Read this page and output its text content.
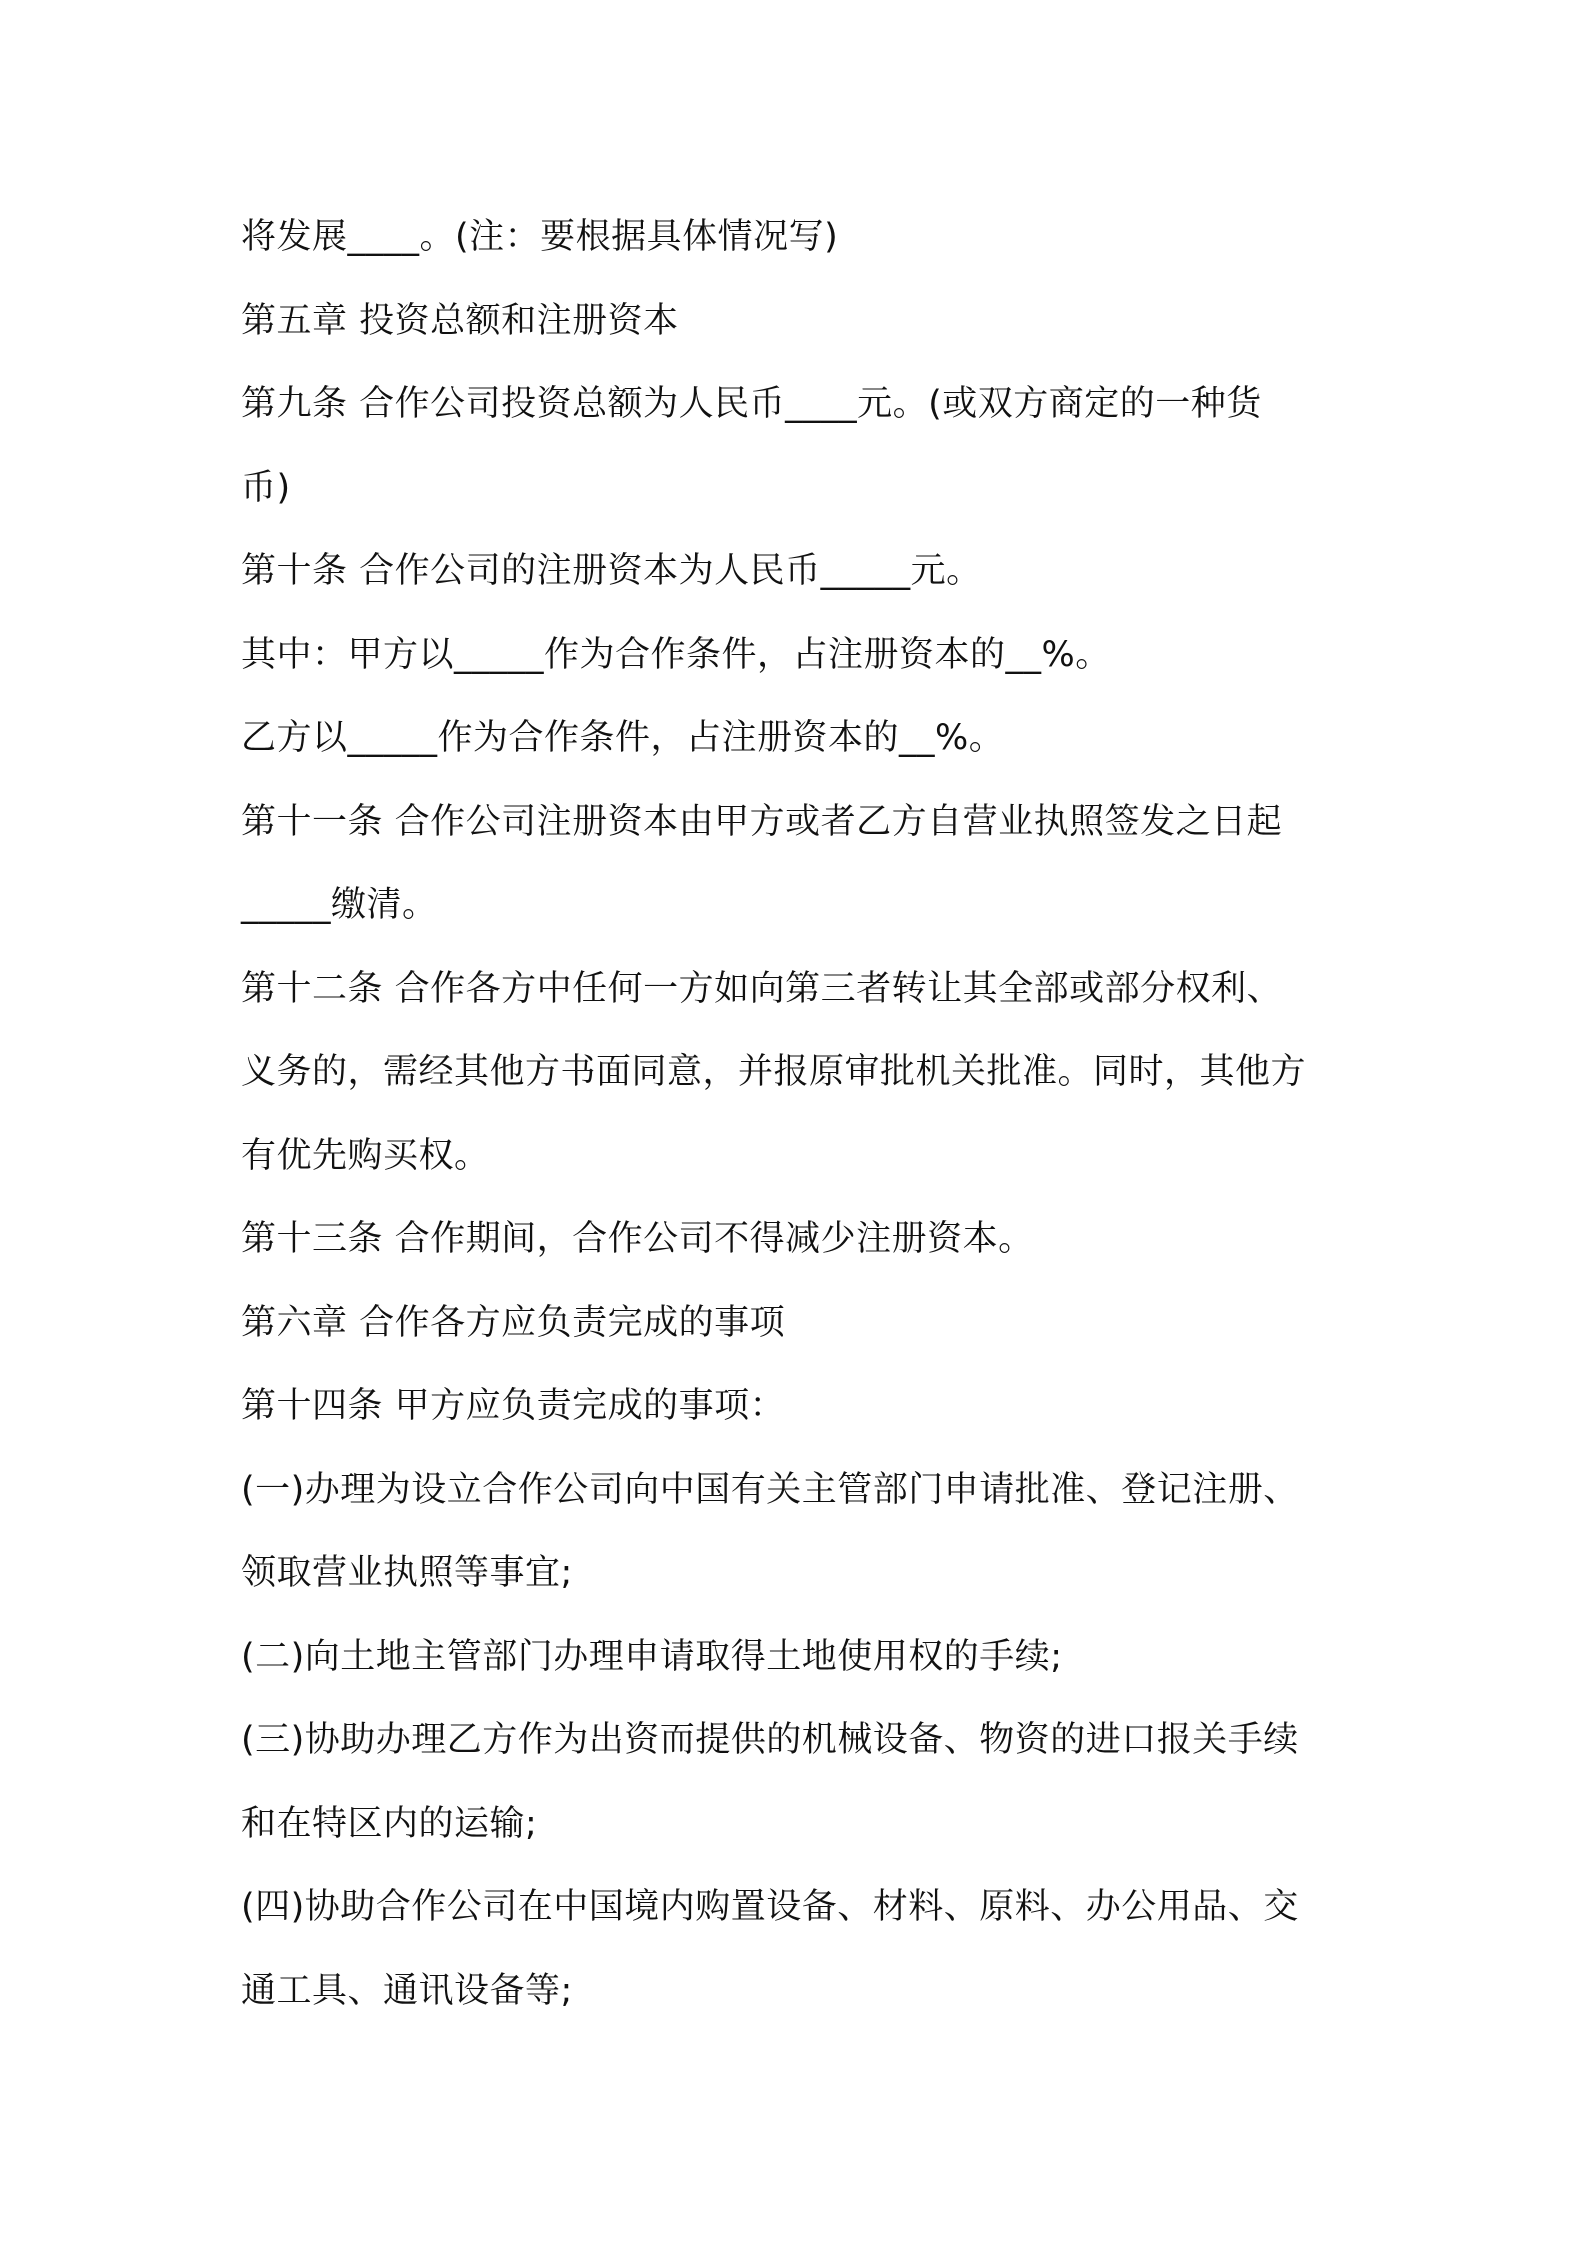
将发展____。(注：要根据具体情况写)
第五章 投资总额和注册资本
第九条 合作公司投资总额为人民币____元。(或双方商定的一种货
币)
第十条 合作公司的注册资本为人民币_____元。
其中：甲方以_____作为合作条件，占注册资本的__%。
乙方以_____作为合作条件，占注册资本的__%。
第十一条 合作公司注册资本由甲方或者乙方自营业执照签发之日起
_____缴清。
第十二条 合作各方中任何一方如向第三者转让其全部或部分权利、
义务的，需经其他方书面同意，并报原审批机关批准。同时，其他方
有优先购买权。
第十三条 合作期间，合作公司不得减少注册资本。
第六章 合作各方应负责完成的事项
第十四条 甲方应负责完成的事项：
(一)办理为设立合作公司向中国有关主管部门申请批准、登记注册、
领取营业执照等事宜;
(二)向土地主管部门办理申请取得土地使用权的手续;
(三)协助办理乙方作为出资而提供的机械设备、物资的进口报关手续
和在特区内的运输;
(四)协助合作公司在中国境内购置设备、材料、原料、办公用品、交
通工具、通讯设备等;
